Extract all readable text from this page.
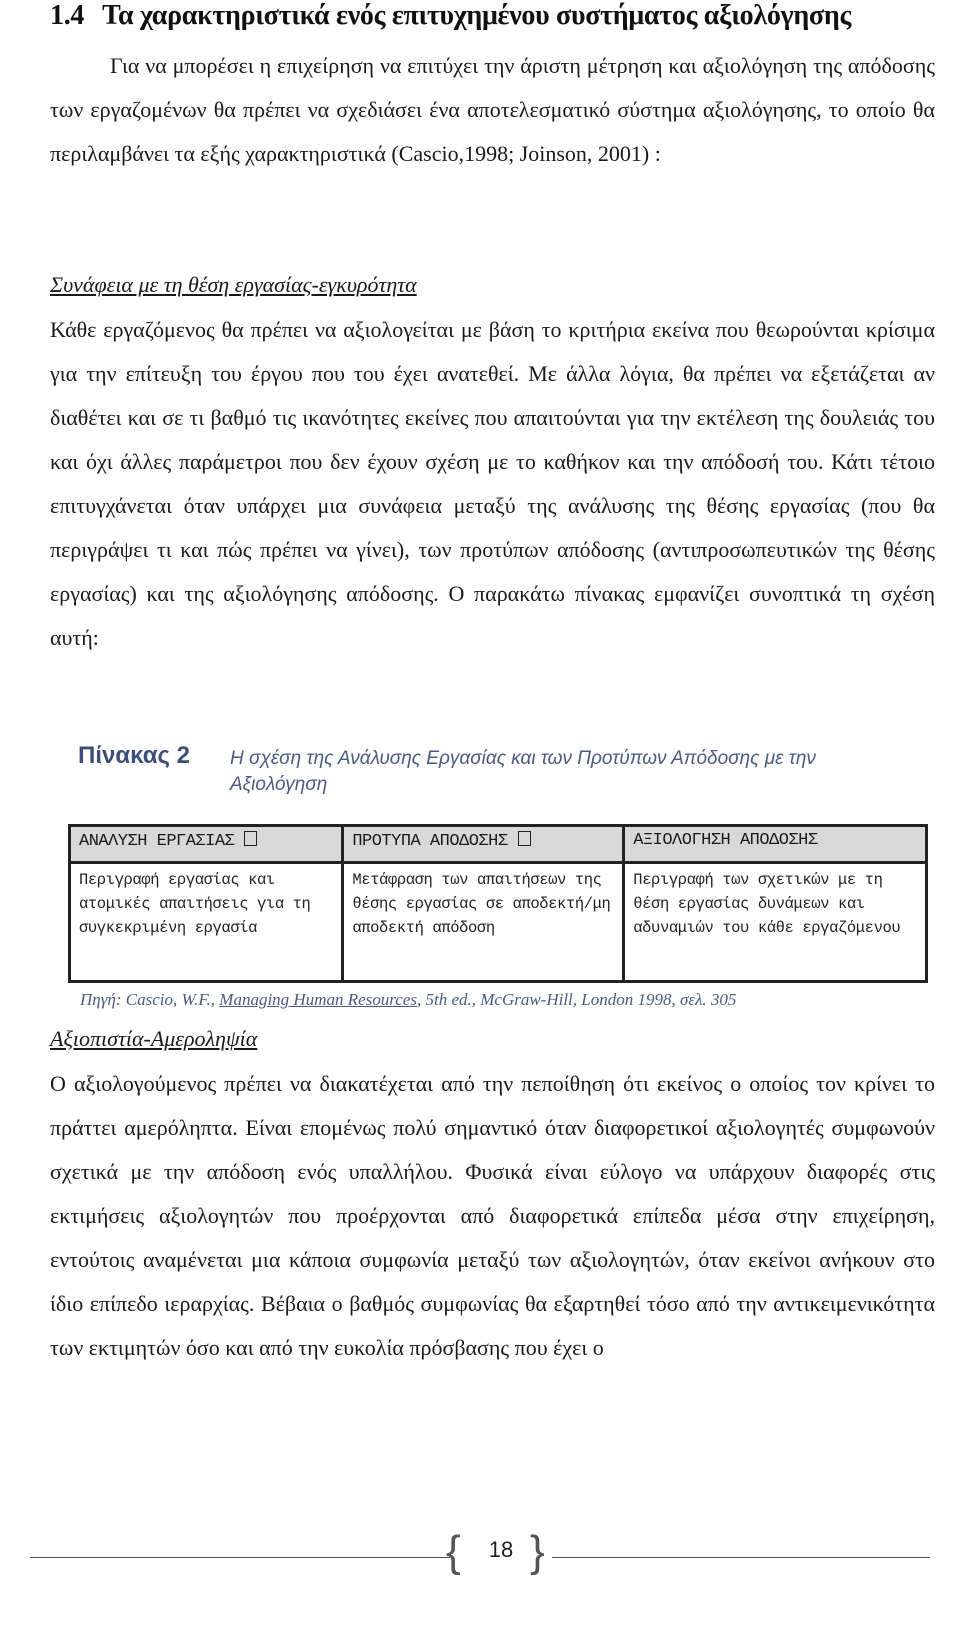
1.4 Τα χαρακτηριστικά ενός επιτυχημένου συστήματος αξιολόγησης

Για να μπορέσει η επιχείρηση να επιτύχει την άριστη μέτρηση και αξιολόγηση της απόδοσης των εργαζομένων θα πρέπει να σχεδιάσει ένα αποτελεσματικό σύστημα αξιολόγησης, το οποίο θα περιλαμβάνει τα εξής χαρακτηριστικά (Cascio,1998; Joinson, 2001) :

Συνάφεια με τη θέση εργασίας-εγκυρότητα

Κάθε εργαζόμενος θα πρέπει να αξιολογείται με βάση το κριτήρια εκείνα που θεωρούνται κρίσιμα για την επίτευξη του έργου που του έχει ανατεθεί. Με άλλα λόγια, θα πρέπει να εξετάζεται αν διαθέτει και σε τι βαθμό τις ικανότητες εκείνες που απαιτούνται για την εκτέλεση της δουλειάς του και όχι άλλες παράμετροι που δεν έχουν σχέση με το καθήκον και την απόδοσή του. Κάτι τέτοιο επιτυγχάνεται όταν υπάρχει μια συνάφεια μεταξύ της ανάλυσης της θέσης εργασίας (που θα περιγράψει τι και πώς πρέπει να γίνει), των προτύπων απόδοσης (αντιπροσωπευτικών της θέσης εργασίας) και της αξιολόγησης απόδοσης. Ο παρακάτω πίνακας εμφανίζει συνοπτικά τη σχέση αυτή:

Πίνακας 2 Η σχέση της Ανάλυσης Εργασίας και των Προτύπων Απόδοσης με την Αξιολόγηση
ΑΝΑΛΥΣΗ ΕΡΓΑΣΙΑΣ	ΠΡΟΤΥΠΑ ΑΠΟΔΟΣΗΣ	ΑΞΙΟΛΟΓΗΣΗ ΑΠΟΔΟΣΗΣ
Περιγραφή εργασίας και ατομικές απαιτήσεις για τη συγκεκριμένη εργασία	Μετάφραση των απαιτήσεων της θέσης εργασίας σε αποδεκτή/μη αποδεκτή απόδοση	Περιγραφή των σχετικών με τη θέση εργασίας δυνάμεων και αδυναμιών του κάθε εργαζόμενου
Πηγή: Cascio, W.F., Managing Human Resources, 5th ed., McGraw-Hill, London 1998, σελ. 305

Αξιοπιστία-Αμεροληψία

Ο αξιολογούμενος πρέπει να διακατέχεται από την πεποίθηση ότι εκείνος ο οποίος τον κρίνει το πράττει αμερόληπτα. Είναι επομένως πολύ σημαντικό όταν διαφορετικοί αξιολογητές συμφωνούν σχετικά με την απόδοση ενός υπαλλήλου. Φυσικά είναι εύλογο να υπάρχουν διαφορές στις εκτιμήσεις αξιολογητών που προέρχονται από διαφορετικά επίπεδα μέσα στην επιχείρηση, εντούτοις αναμένεται μια κάποια συμφωνία μεταξύ των αξιολογητών, όταν εκείνοι ανήκουν στο ίδιο επίπεδο ιεραρχίας. Βέβαια ο βαθμός συμφωνίας θα εξαρτηθεί τόσο από την αντικειμενικότητα των εκτιμητών όσο και από την ευκολία πρόσβασης που έχει ο

{	18 }
